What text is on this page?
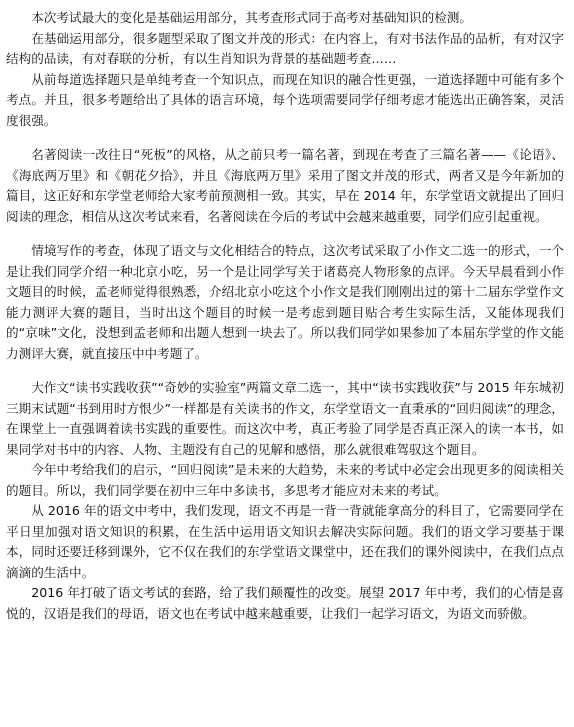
本次考试最大的变化是基础运用部分，其考查形式同于高考对基础知识的检测。

在基础运用部分，很多题型采取了图文并茂的形式：在内容上，有对书法作品的品析，有对汉字结构的品读，有对春联的分析，有以生肖知识为背景的基础题考查……

从前每道选择题只是单纯考查一个知识点，而现在知识的融合性更强，一道选择题中可能有多个考点。并且，很多考题给出了具体的语言环境，每个选项需要同学仔细考虑才能选出正确答案，灵活度很强。

名著阅读一改往日“死板”的风格，从之前只考一篇名著，到现在考查了三篇名著——《论语》、《海底两万里》和《朝花夕拾》，并且《海底两万里》采用了图文并茂的形式，两者又是今年新加的篇目，这正好和东学堂老师给大家考前预测相一致。其实，早在 2014 年，东学堂语文就提出了回归阅读的理念，相信从这次考试来看，名著阅读在今后的考试中会越来越重要，同学们应引起重视。

情境写作的考查，体现了语文与文化相结合的特点，这次考试采取了小作文二选一的形式，一个是让我们同学介绍一种北京小吃，另一个是让同学写关于诸葛亮人物形象的点评。今天早晨看到小作文题目的时候，孟老师觉得很熟悉，介绍北京小吃这个小作文是我们刚刚出过的第十二届东学堂作文能力测评大赛的题目，当时出这个题目的时候一是考虑到题目贴合考生实际生活，又能体现我们的“京味”文化，没想到孟老师和出题人想到一块去了。所以我们同学如果参加了本届东学堂的作文能力测评大赛，就直接压中中考题了。

大作文“读书实践收获”“奇妙的实验室”两篇文章二选一，其中“读书实践收获”与 2015 年东城初三期末试题“书到用时方恨少”一样都是有关读书的作文，东学堂语文一直秉承的“回归阅读”的理念，在课堂上一直强调着读书实践的重要性。而这次中考，真正考验了同学是否真正深入的读一本书，如果同学对书中的内容、人物、主题没有自己的见解和感悟，那么就很难驾驭这个题目。

今年中考给我们的启示，“回归阅读”是未来的大趋势，未来的考试中必定会出现更多的阅读相关的题目。所以，我们同学要在初中三年中多读书，多思考才能应对未来的考试。

从 2016 年的语文中考中，我们发现，语文不再是一背一背就能拿高分的科目了，它需要同学在平日里加强对语文知识的积累，在生活中运用语文知识去解决实际问题。我们的语文学习要基于课本，同时还要迁移到课外，它不仅在我们的东学堂语文课堂中，还在我们的课外阅读中，在我们点点滴滴的生活中。

2016 年打破了语文考试的套路，给了我们颠覆性的改变。展望 2017 年中考，我们的心情是喜悦的，汉语是我们的母语，语文也在考试中越来越重要，让我们一起学习语文，为语文而骄傲。
